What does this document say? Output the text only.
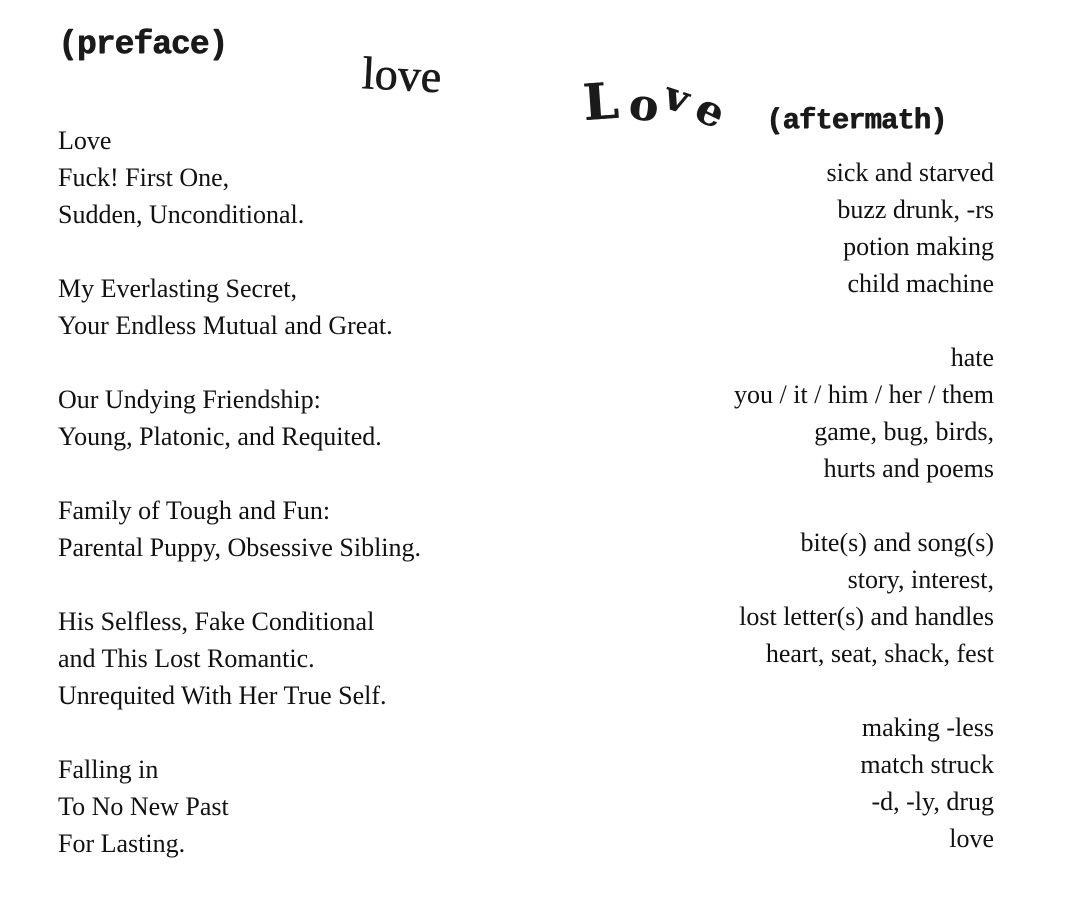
(preface)
love	L o
v
e (aftermath)
Love
Fuck! First One,
Sudden, Unconditional.
My Everlasting Secret,
Your Endless Mutual and Great.
Our Undying Friendship:
Young, Platonic, and Requited.
Family of Tough and Fun:
Parental Puppy, Obsessive Sibling.
His Selfless, Fake Conditional
and This Lost Romantic.
Unrequited With Her True Self.
Falling in
To No New Past
For Lasting.
sick and starved
buzz drunk, -rs
potion making
child machine
hate
you / it / him / her / them
game, bug, birds,
hurts and poems
bite(s) and song(s)
story, interest,
lost letter(s) and handles
heart, seat, shack, fest
making -less
match struck
-d, -ly, drug
love
